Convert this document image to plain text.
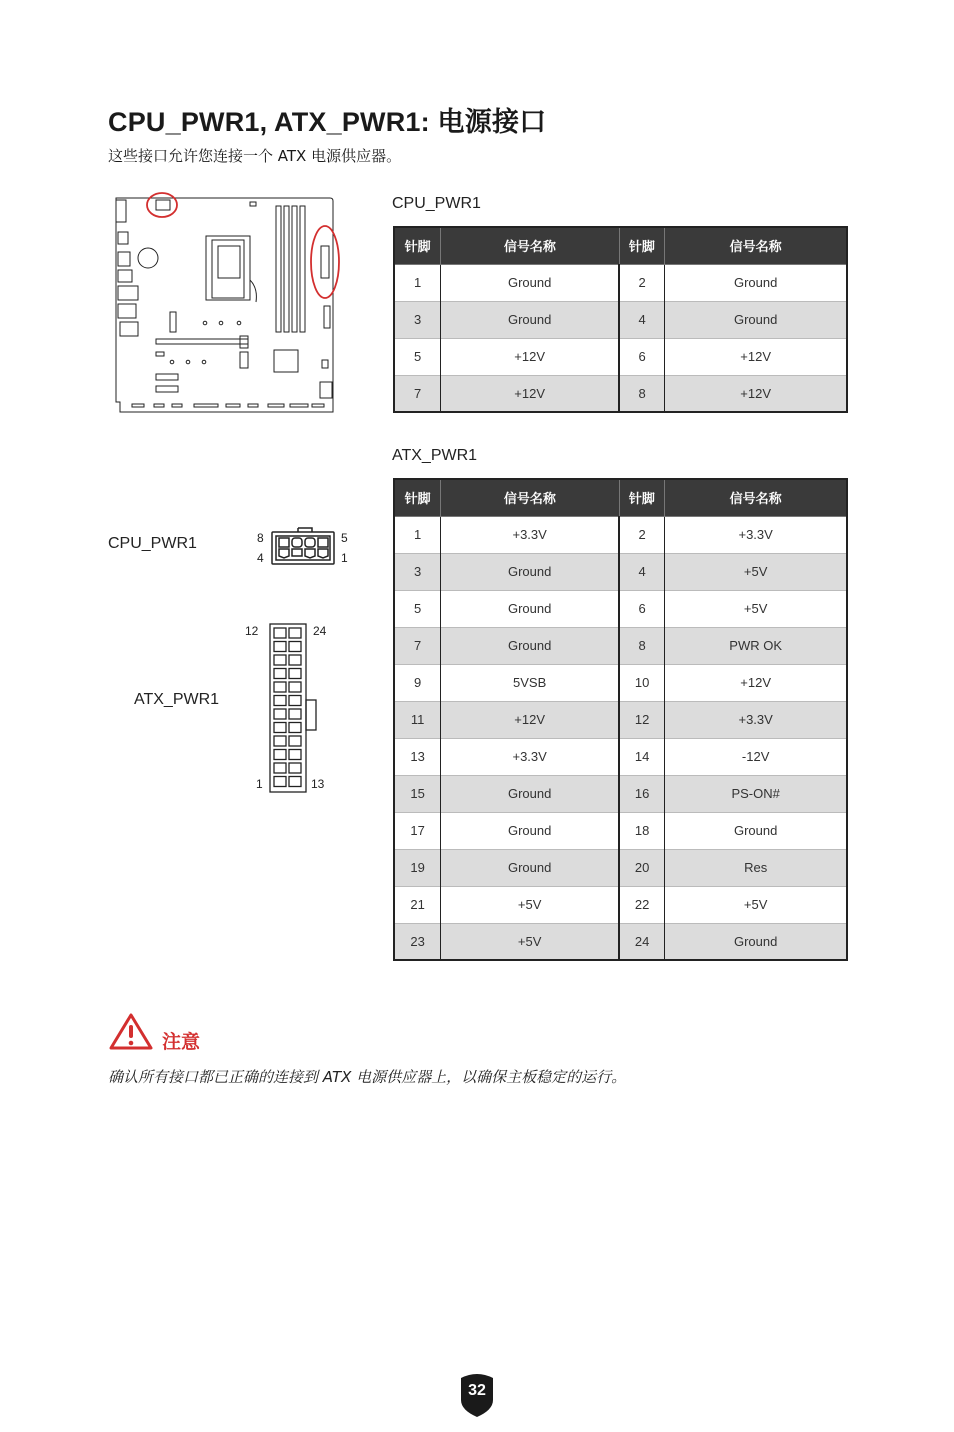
CPU_PWR1, ATX_PWR1: 电源接口
这些接口允许您连接一个 ATX 电源供应器。
CPU_PWR1	8
4
5
1
ATX_PWR1
12	24
1	13
CPU_PWR1
针脚	信号名称	针脚	信号名称
1	Ground	2	Ground
3	Ground	4	Ground
5	+12V	6	+12V
7	+12V	8	+12V
ATX_PWR1
针脚	信号名称	针脚	信号名称
1	+3.3V	2	+3.3V
3	Ground	4	+5V
5	Ground	6	+5V
7	Ground	8	PWR OK
9	5VSB	10	+12V
11	+12V	12	+3.3V
13	+3.3V	14	-12V
15	Ground	16	PS-ON#
17	Ground	18	Ground
19	Ground	20	Res
21	+5V	22	+5V
23	+5V	24	Ground
注意
确认所有接口都已正确的连接到 ATX 电源供应器上，以确保主板稳定的运行。
32
